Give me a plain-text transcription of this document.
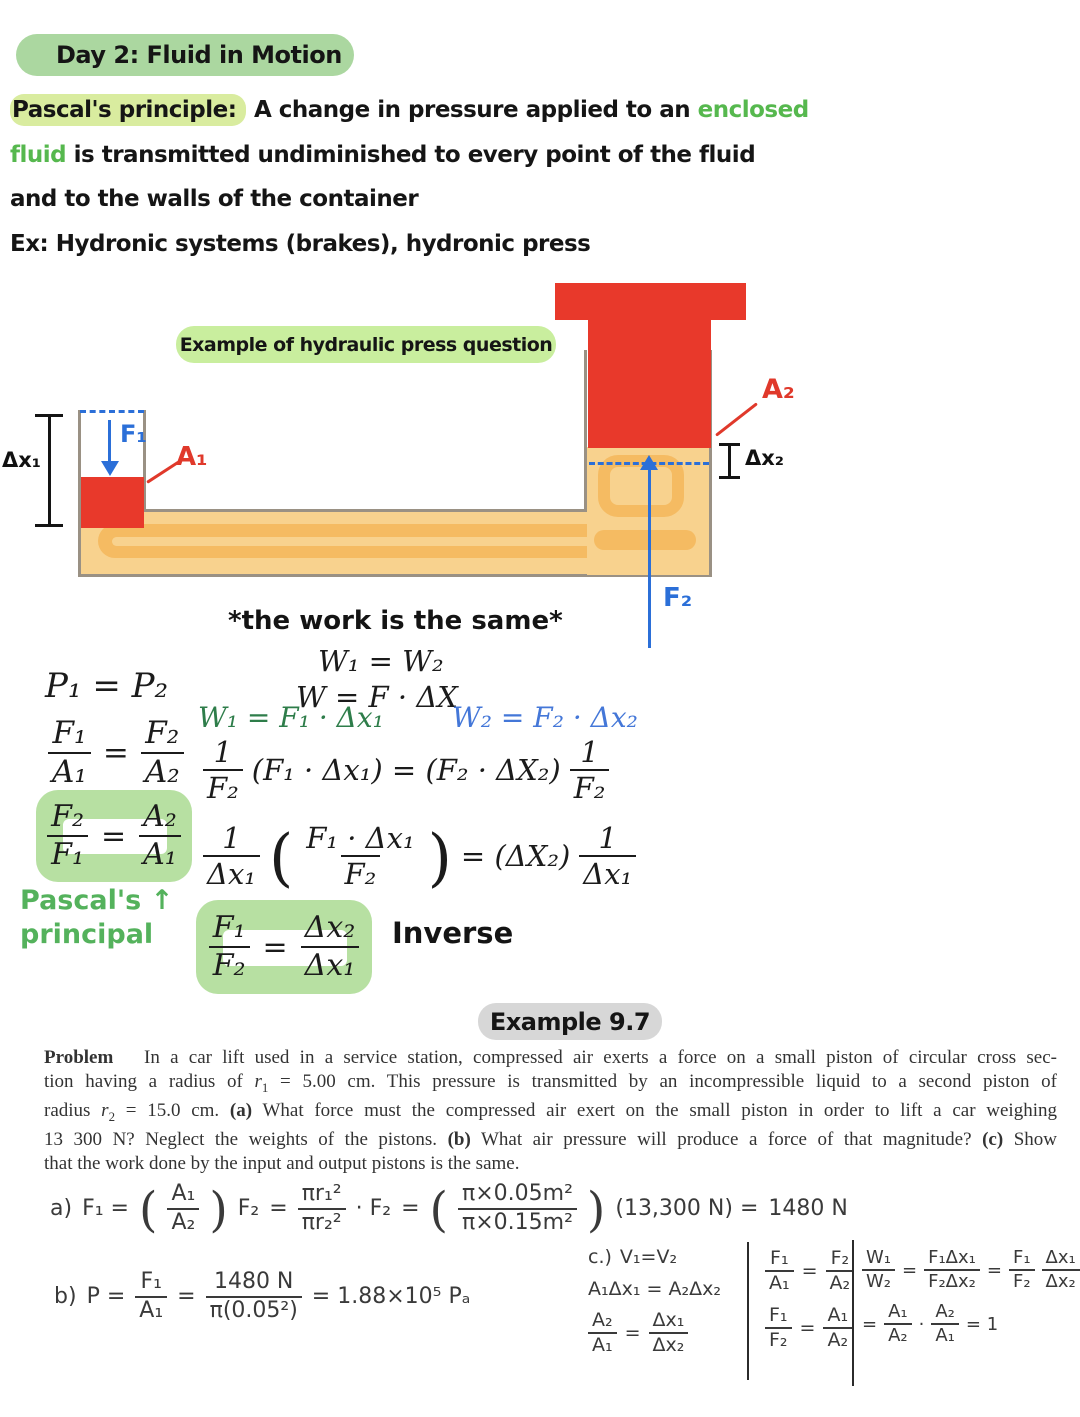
Day 2: Fluid in Motion
Pascal's principle: A change in pressure applied to an enclosed
fluid is transmitted undiminished to every point of the fluid
and to the walls of the container
Ex: Hydronic systems (brakes), hydronic press
Example of hydraulic press question
F₁
Δx₁	A₁	Δx₂
A₂
F₂
*the work is the same*
W₁ = W₂
P₁ = P₂	W = F · ΔX
W₁ = F₁ · Δx₁ W₂ = F₂ · Δx₂
$\frac{\text{F₁}}{\text{A₁}} = \frac{\text{F₂}}{\text{A₂}} \frac{1}{\text{F₂}} (F_1 \cdot \Delta x_1) = (F_2 \cdot \Delta X_2) \frac{1}{\text{F₂}}$
$\frac{\text{F₂}}{\text{F₁}} = \frac{\text{A₂}}{\text{A₁}} \frac{1}{\text{Δx₁}}$ ( $\frac{\text{F₁ · Δx₁}}{\text{F₂}}$ ) = $(\Delta X_2) \frac{1}{\text{Δx₁}}$
Pascal's ↑
principal	$\frac{\text{F₁}}{\text{F₂}} = \frac{\text{Δx₂}}{\text{Δx₁}}$ Inverse
Example 9.7
Problem In a car lift used in a service station, compressed air exerts a force on a small piston of circular cross sec-
tion having a radius of $r_1 = 5.00$ cm. This pressure is transmitted by an incompressible liquid to a second piston of
radius $r_2 = 15.0$ cm. (a) What force must the compressed air exert on the small piston in order to lift a car weighing
13 300 N? Neglect the weights of the pistons. (b) What air pressure will produce a force of that magnitude? (c) Show
that the work done by the input and output pistons is the same.
a) F₁ = ( $\frac{\text{A₁}}{\text{A₂}}$ ) $F_2 = \frac{\text{πr₁²}}{\text{πr₂²}} \cdot F_2$ = ( $\frac{\text{π×0.05m²}}{\text{π×0.15m²}}$ ) (13,300 N) = 1480 N
b) $P = \frac{\text{F₁}}{\text{A₁}} = \frac{1480 N}{\text{π(0.05²)}} = 1.88\times 10^5$ Pₐ
c.) V₁=V₂
A₁Δx₁ = A₂Δx₂
$\frac{\text{A₂}}{\text{A₁}} = \frac{\text{Δx₁}}{\text{Δx₂}}$
$\frac{\text{F₁}}{\text{A₁}} = \frac{\text{F₂}}{\text{A₂}}$
$\frac{\text{F₁}}{\text{F₂}} = \frac{\text{A₁}}{\text{A₂}}$
$\frac{\text{W₁}}{\text{W₂}} = \frac{\text{F₁Δx₁}}{\text{F₂Δx₂}} = \frac{\text{F₁}}{\text{F₂}} \frac{\text{Δx₁}}{\text{Δx₂}}$
= $\frac{\text{A₁}}{\text{A₂}} \cdot \frac{\text{A₂}}{\text{A₁}} = 1$
